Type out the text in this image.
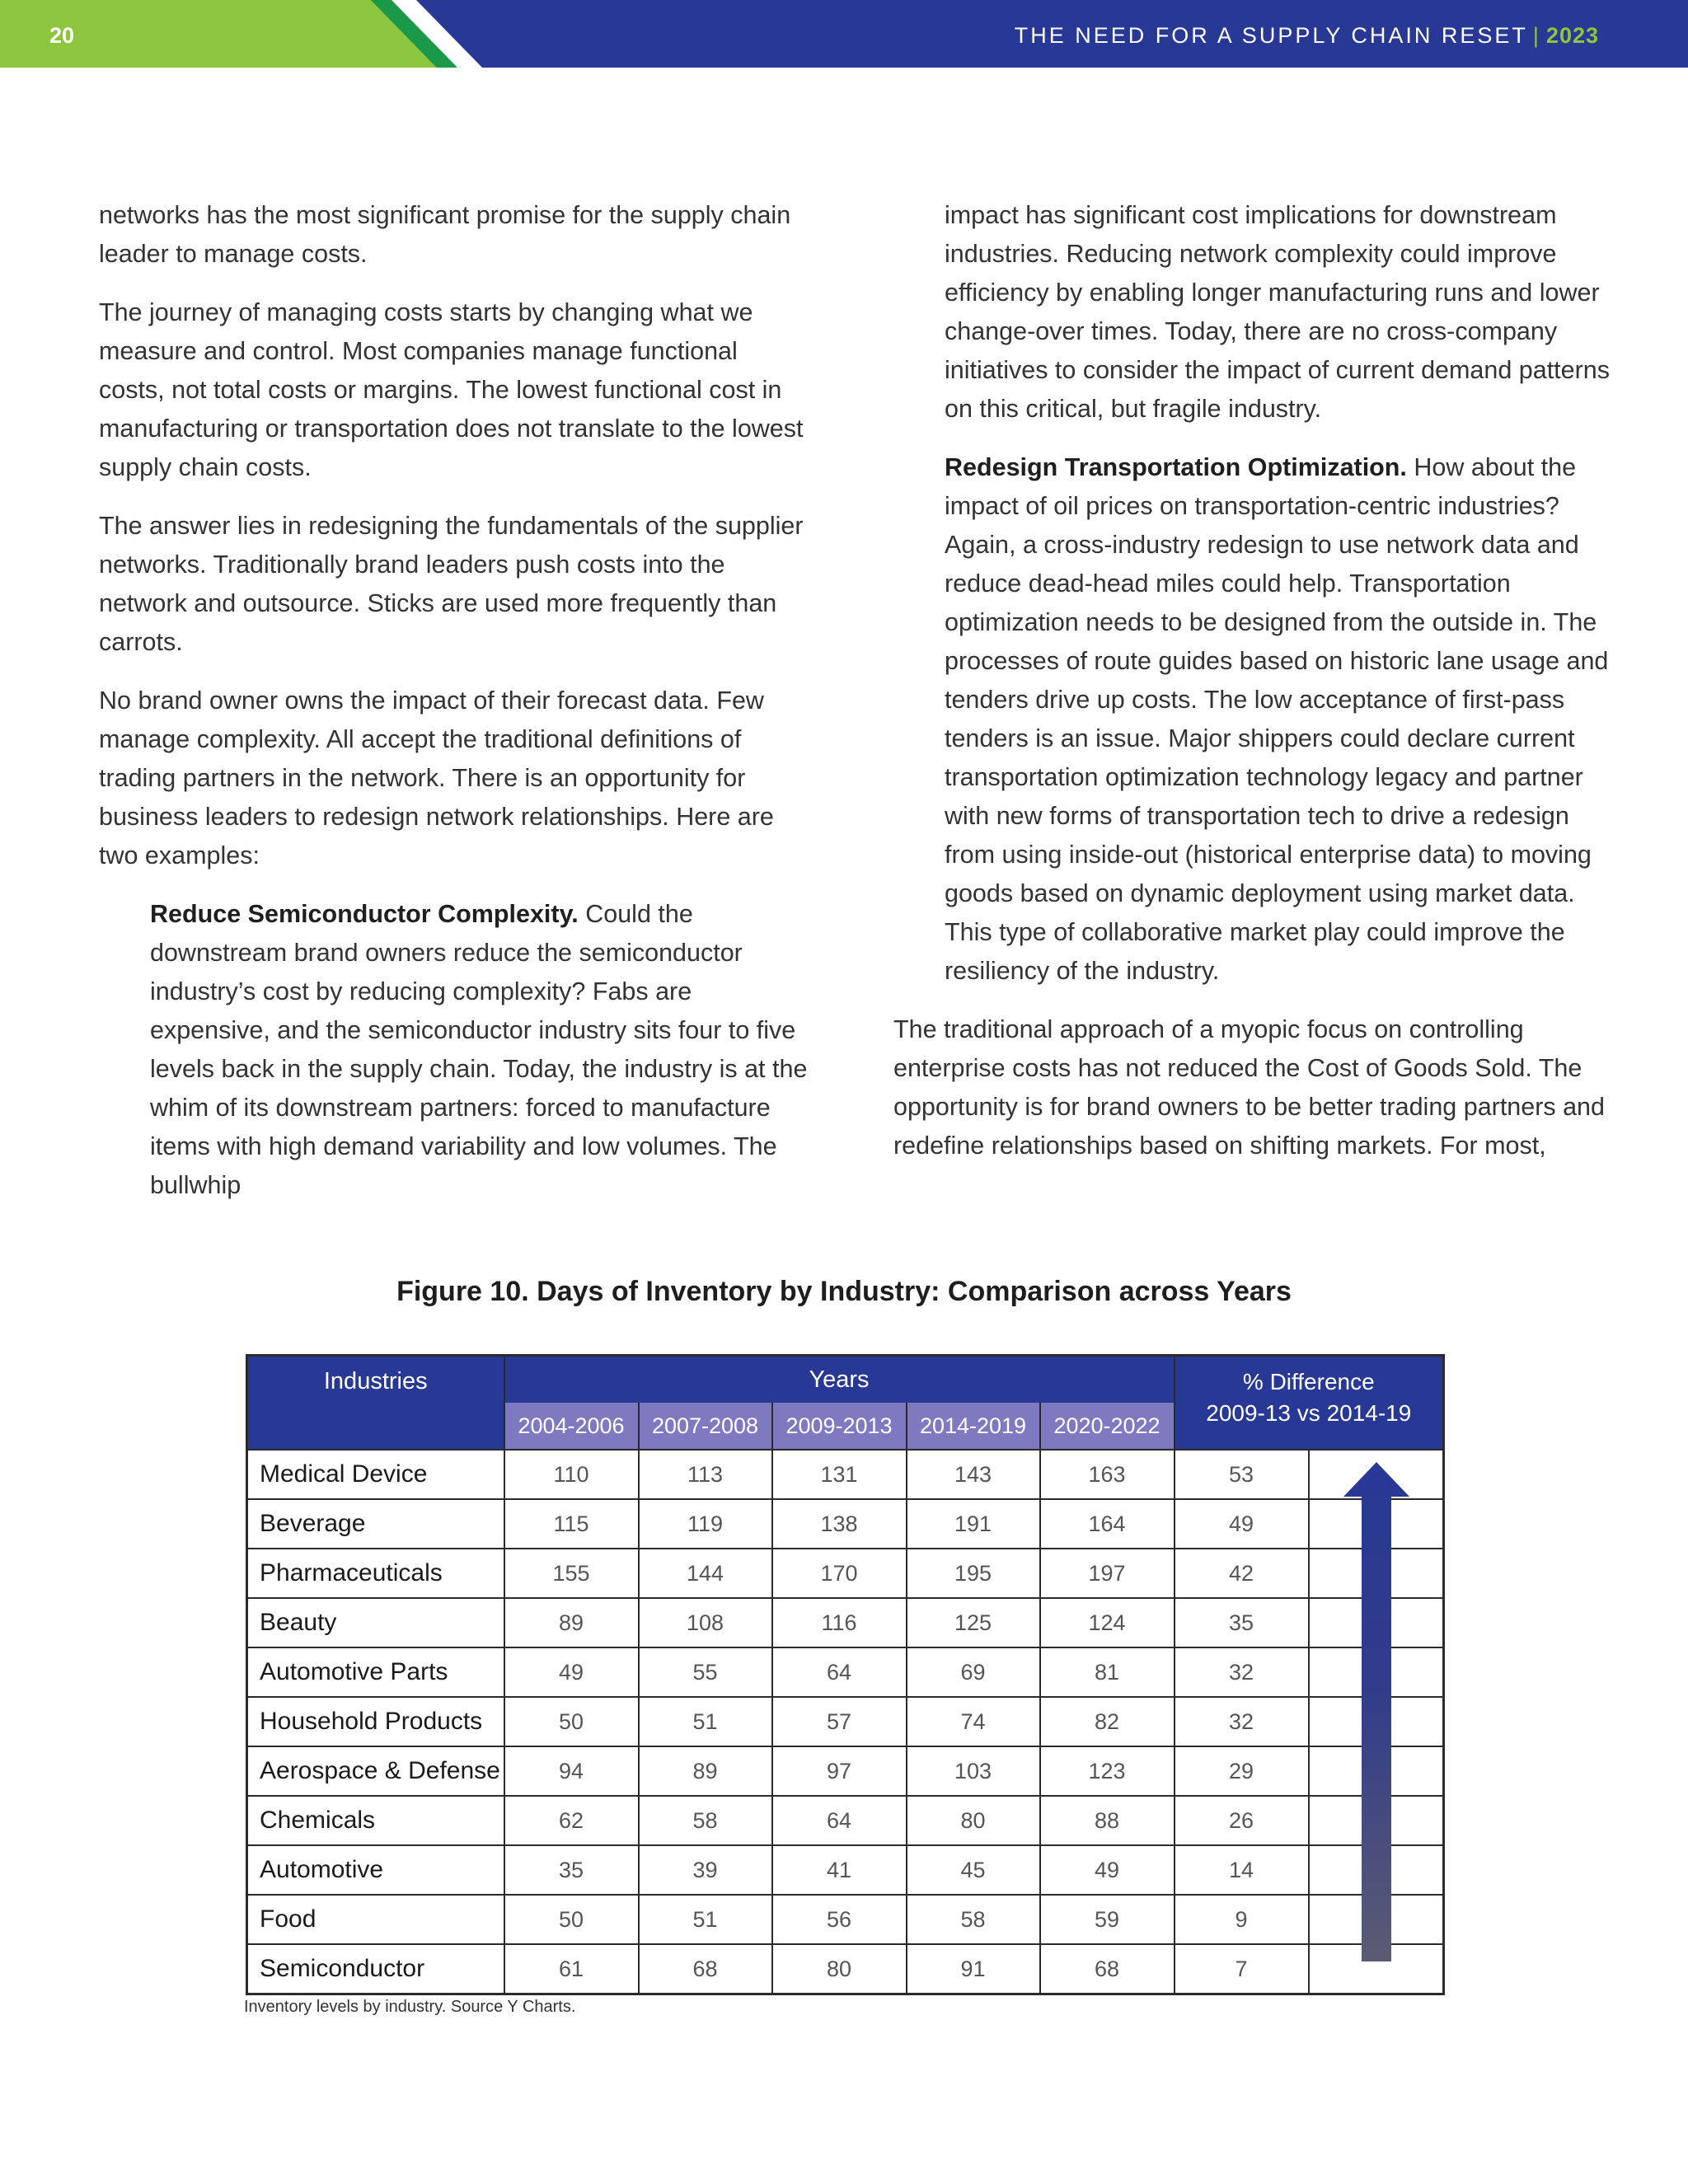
20	THE NEED FOR A SUPPLY CHAIN RESET | 2023

networks has the most significant promise for the supply chain leader to manage costs.

The journey of managing costs starts by changing what we measure and control. Most companies manage functional costs, not total costs or margins. The lowest functional cost in manufacturing or transportation does not translate to the lowest supply chain costs.

The answer lies in redesigning the fundamentals of the supplier networks. Traditionally brand leaders push costs into the network and outsource. Sticks are used more frequently than carrots.

No brand owner owns the impact of their forecast data. Few manage complexity. All accept the traditional definitions of trading partners in the network. There is an opportunity for business leaders to redesign network relationships. Here are two examples:

Reduce Semiconductor Complexity. Could the downstream brand owners reduce the semiconductor industry’s cost by reducing complexity? Fabs are expensive, and the semiconductor industry sits four to five levels back in the supply chain. Today, the industry is at the whim of its downstream partners: forced to manufacture items with high demand variability and low volumes. The bullwhip

impact has significant cost implications for downstream industries. Reducing network complexity could improve efficiency by enabling longer manufacturing runs and lower change-over times. Today, there are no cross-company initiatives to consider the impact of current demand patterns on this critical, but fragile industry.

Redesign Transportation Optimization. How about the impact of oil prices on transportation-centric industries? Again, a cross-industry redesign to use network data and reduce dead-head miles could help. Transportation optimization needs to be designed from the outside in. The processes of route guides based on historic lane usage and tenders drive up costs. The low acceptance of first-pass tenders is an issue. Major shippers could declare current transportation optimization technology legacy and partner with new forms of transportation tech to drive a redesign from using inside-out (historical enterprise data) to moving goods based on dynamic deployment using market data. This type of collaborative market play could improve the resiliency of the industry.

The traditional approach of a myopic focus on controlling enterprise costs has not reduced the Cost of Goods Sold. The opportunity is for brand owners to be better trading partners and redefine relationships based on shifting markets. For most,

Figure 10. Days of Inventory by Industry: Comparison across Years
Industries	Years					% Difference
2009-13 vs 2014-19	

	2004-2006	2007-2008	2009-2013	2014-2019	2020-2022		
Medical Device	110	113	131	143	163	53	
Beverage	115	119	138	191	164	49	
Pharmaceuticals	155	144	170	195	197	42	
Beauty	89	108	116	125	124	35	
Automotive Parts	49	55	64	69	81	32	
Household Products	50	51	57	74	82	32	
Aerospace & Defense	94	89	97	103	123	29	
Chemicals	62	58	64	80	88	26	
Automotive	35	39	41	45	49	14	
Food	50	51	56	58	59	9	
Semiconductor	61	68	80	91	68	7	
Inventory levels by industry. Source Y Charts.
